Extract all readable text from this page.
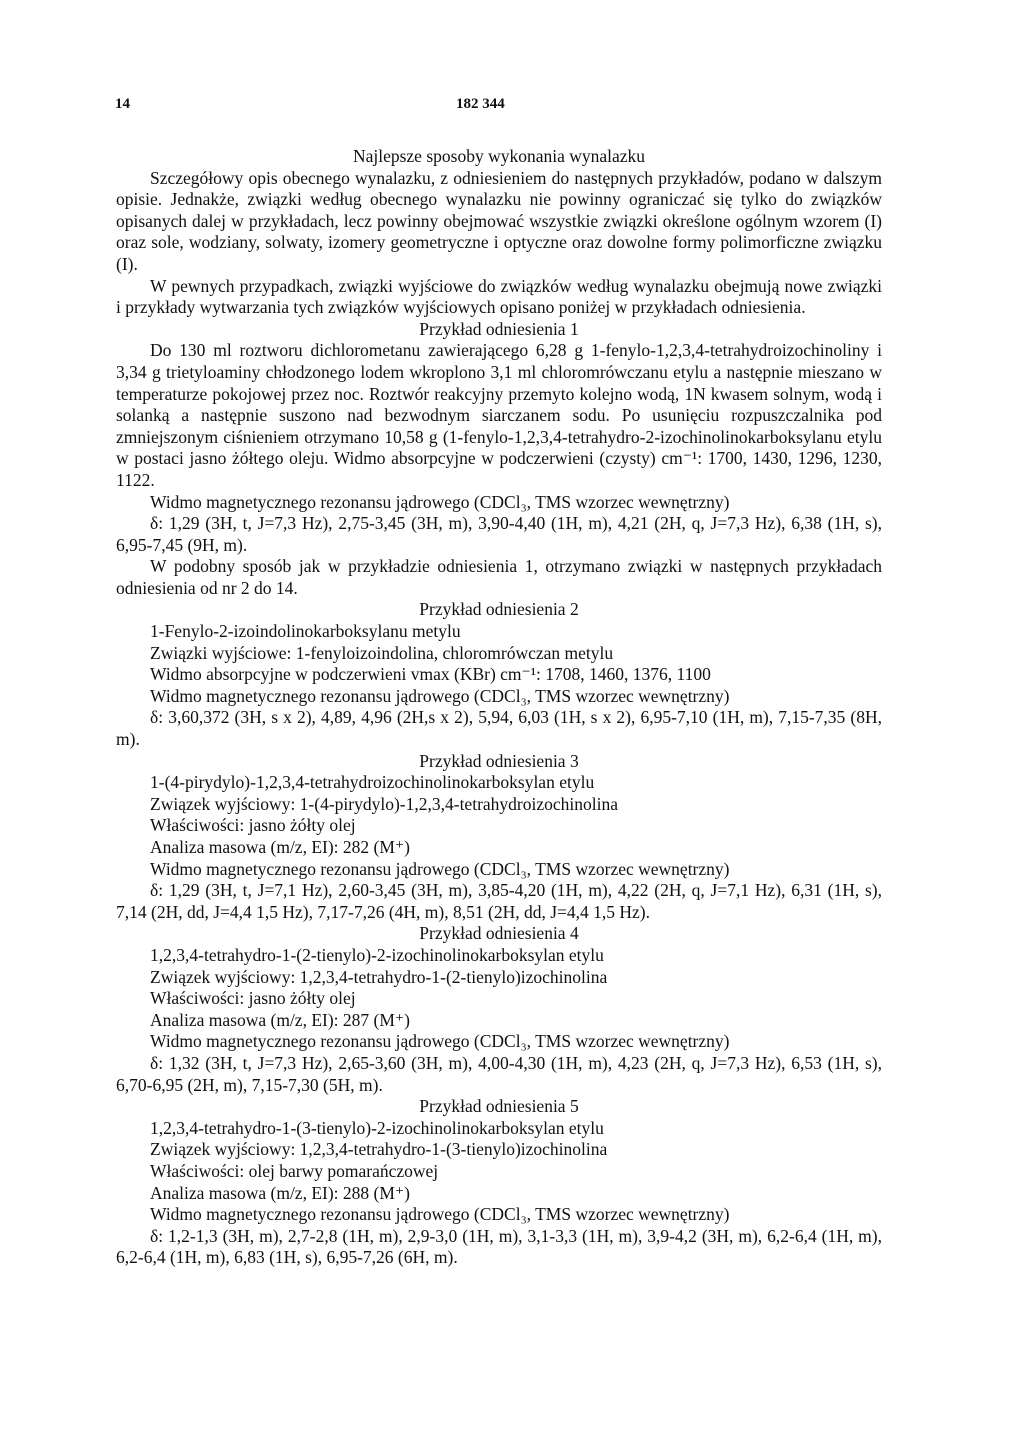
14	182 344

Najlepsze sposoby wykonania wynalazku

Szczegółowy opis obecnego wynalazku, z odniesieniem do następnych przykładów, podano w dalszym opisie. Jednakże, związki według obecnego wynalazku nie powinny ograniczać się tylko do związków opisanych dalej w przykładach, lecz powinny obejmować wszystkie związki określone ogólnym wzorem (I) oraz sole, wodziany, solwaty, izomery geometryczne i optyczne oraz dowolne formy polimorficzne związku (I).

W pewnych przypadkach, związki wyjściowe do związków według wynalazku obejmują nowe związki i przykłady wytwarzania tych związków wyjściowych opisano poniżej w przykładach odniesienia.

Przykład odniesienia 1

Do 130 ml roztworu dichlorometanu zawierającego 6,28 g 1-fenylo-1,2,3,4-tetrahydroizochinoliny i 3,34 g trietyloaminy chłodzonego lodem wkroplono 3,1 ml chloromrówczanu etylu a następnie mieszano w temperaturze pokojowej przez noc. Roztwór reakcyjny przemyto kolejno wodą, 1N kwasem solnym, wodą i solanką a następnie suszono nad bezwodnym siarczanem sodu. Po usunięciu rozpuszczalnika pod zmniejszonym ciśnieniem otrzymano 10,58 g (1-fenylo-1,2,3,4-tetrahydro-2-izochinolinokarboksylanu etylu w postaci jasno żółtego oleju. Widmo absorpcyjne w podczerwieni (czysty) cm⁻¹: 1700, 1430, 1296, 1230, 1122.

Widmo magnetycznego rezonansu jądrowego (CDCl₃, TMS wzorzec wewnętrzny)

δ: 1,29 (3H, t, J=7,3 Hz), 2,75-3,45 (3H, m), 3,90-4,40 (1H, m), 4,21 (2H, q, J=7,3 Hz), 6,38 (1H, s), 6,95-7,45 (9H, m).

W podobny sposób jak w przykładzie odniesienia 1, otrzymano związki w następnych przykładach odniesienia od nr 2 do 14.

Przykład odniesienia 2

1-Fenylo-2-izoindolinokarboksylanu metylu

Związki wyjściowe: 1-fenyloizoindolina, chloromrówczan metylu

Widmo absorpcyjne w podczerwieni vmax (KBr) cm⁻¹: 1708, 1460, 1376, 1100

Widmo magnetycznego rezonansu jądrowego (CDCl₃, TMS wzorzec wewnętrzny)

δ: 3,60,372 (3H, s x 2), 4,89, 4,96 (2H,s x 2), 5,94, 6,03 (1H, s x 2), 6,95-7,10 (1H, m), 7,15-7,35 (8H, m).

Przykład odniesienia 3

1-(4-pirydylo)-1,2,3,4-tetrahydroizochinolinokarboksylan etylu

Związek wyjściowy: 1-(4-pirydylo)-1,2,3,4-tetrahydroizochinolina

Właściwości: jasno żółty olej

Analiza masowa (m/z, EI): 282 (M⁺)

Widmo magnetycznego rezonansu jądrowego (CDCl₃, TMS wzorzec wewnętrzny)

δ: 1,29 (3H, t, J=7,1 Hz), 2,60-3,45 (3H, m), 3,85-4,20 (1H, m), 4,22 (2H, q, J=7,1 Hz), 6,31 (1H, s), 7,14 (2H, dd, J=4,4 1,5 Hz), 7,17-7,26 (4H, m), 8,51 (2H, dd, J=4,4 1,5 Hz).

Przykład odniesienia 4

1,2,3,4-tetrahydro-1-(2-tienylo)-2-izochinolinokarboksylan etylu

Związek wyjściowy: 1,2,3,4-tetrahydro-1-(2-tienylo)izochinolina

Właściwości: jasno żółty olej

Analiza masowa (m/z, EI): 287 (M⁺)

Widmo magnetycznego rezonansu jądrowego (CDCl₃, TMS wzorzec wewnętrzny)

δ: 1,32 (3H, t, J=7,3 Hz), 2,65-3,60 (3H, m), 4,00-4,30 (1H, m), 4,23 (2H, q, J=7,3 Hz), 6,53 (1H, s), 6,70-6,95 (2H, m), 7,15-7,30 (5H, m).

Przykład odniesienia 5

1,2,3,4-tetrahydro-1-(3-tienylo)-2-izochinolinokarboksylan etylu

Związek wyjściowy: 1,2,3,4-tetrahydro-1-(3-tienylo)izochinolina

Właściwości: olej barwy pomarańczowej

Analiza masowa (m/z, EI): 288 (M⁺)

Widmo magnetycznego rezonansu jądrowego (CDCl₃, TMS wzorzec wewnętrzny)

δ: 1,2-1,3 (3H, m), 2,7-2,8 (1H, m), 2,9-3,0 (1H, m), 3,1-3,3 (1H, m), 3,9-4,2 (3H, m), 6,2-6,4 (1H, m), 6,2-6,4 (1H, m), 6,83 (1H, s), 6,95-7,26 (6H, m).
